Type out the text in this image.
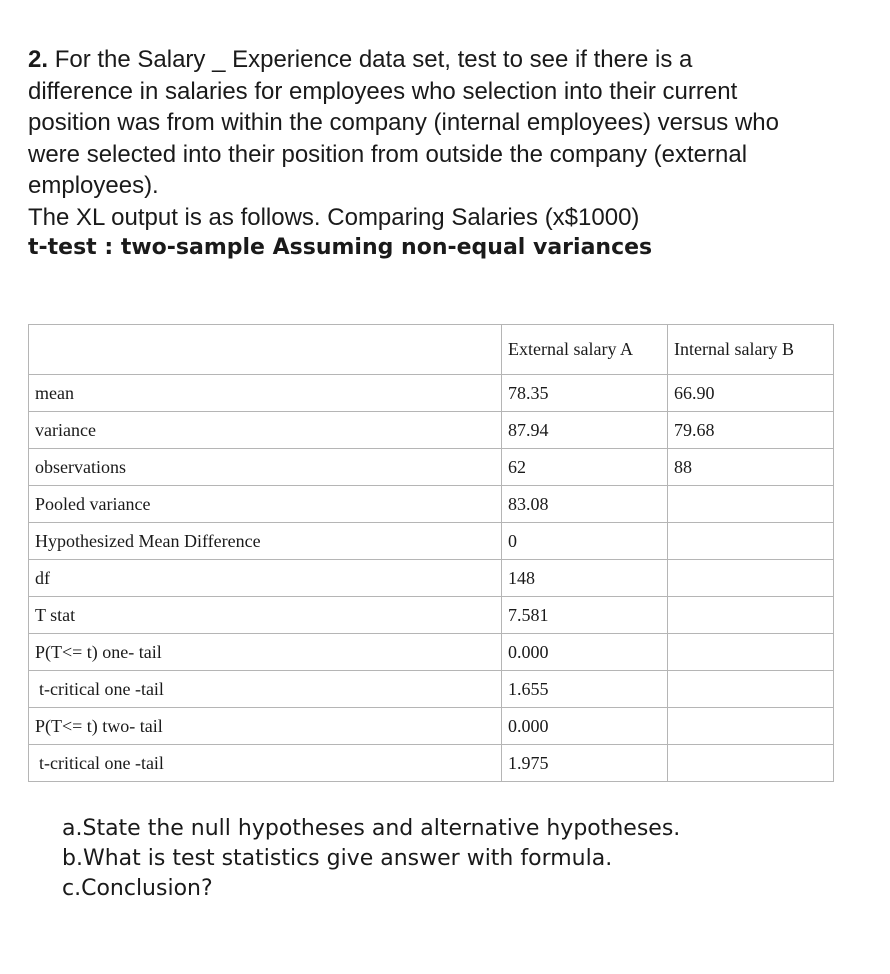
2. For the Salary _ Experience data set, test to see if there is a

difference in salaries for employees who selection into their current

position was from within the company (internal employees) versus who

were selected into their position from outside the company (external

employees).

The XL output is as follows. Comparing Salaries (x$1000)

t-test : two-sample Assuming non-equal variances

	External salary A	Internal salary B
mean	78.35	66.90
variance	87.94	79.68
observations	62	88
Pooled variance	83.08	
Hypothesized Mean Difference	0	
df	148	
T stat	7.581	
P(T<= t) one- tail	0.000	
t-critical one -tail	1.655	
P(T<= t) two- tail	0.000	
t-critical one -tail	1.975	

a.State the null hypotheses and alternative hypotheses.

b.What is test statistics give answer with formula.

c.Conclusion?
